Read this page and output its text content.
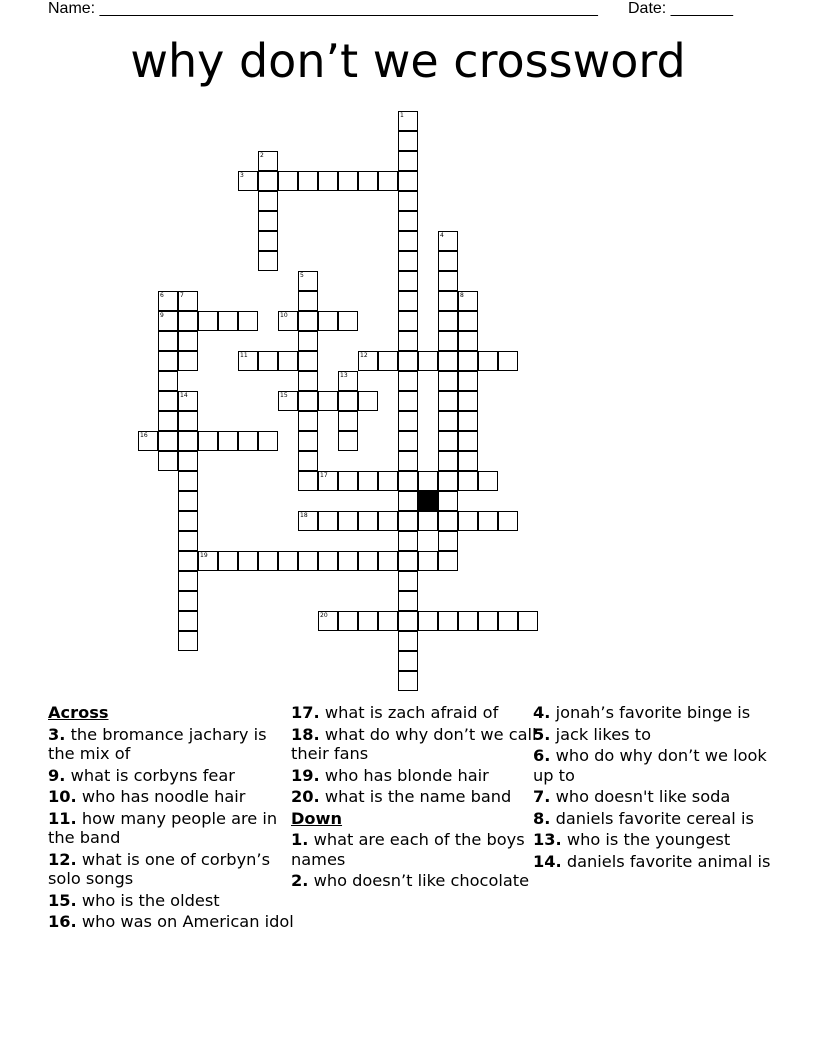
Name: ________________________________________________________ Date: _______
why don’t we crossword
1
2
3
4
5
6
9
7	8
10
11	12
13
14	15
16
17
18
19
20
Across
3. the bromance jachary is the mix of
9. what is corbyns fear
10. who has noodle hair
11. how many people are in the band
12. what is one of corbyn’s solo songs
15. who is the oldest
16. who was on American idol
17. what is zach afraid of
18. what do why don’t we call their fans
19. who has blonde hair
20. what is the name band
Down
1. what are each of the boys names
2. who doesn’t like chocolate
4. jonah’s favorite binge is
5. jack likes to
6. who do why don’t we look up to
7. who doesn't like soda
8. daniels favorite cereal is
13. who is the youngest
14. daniels favorite animal is
